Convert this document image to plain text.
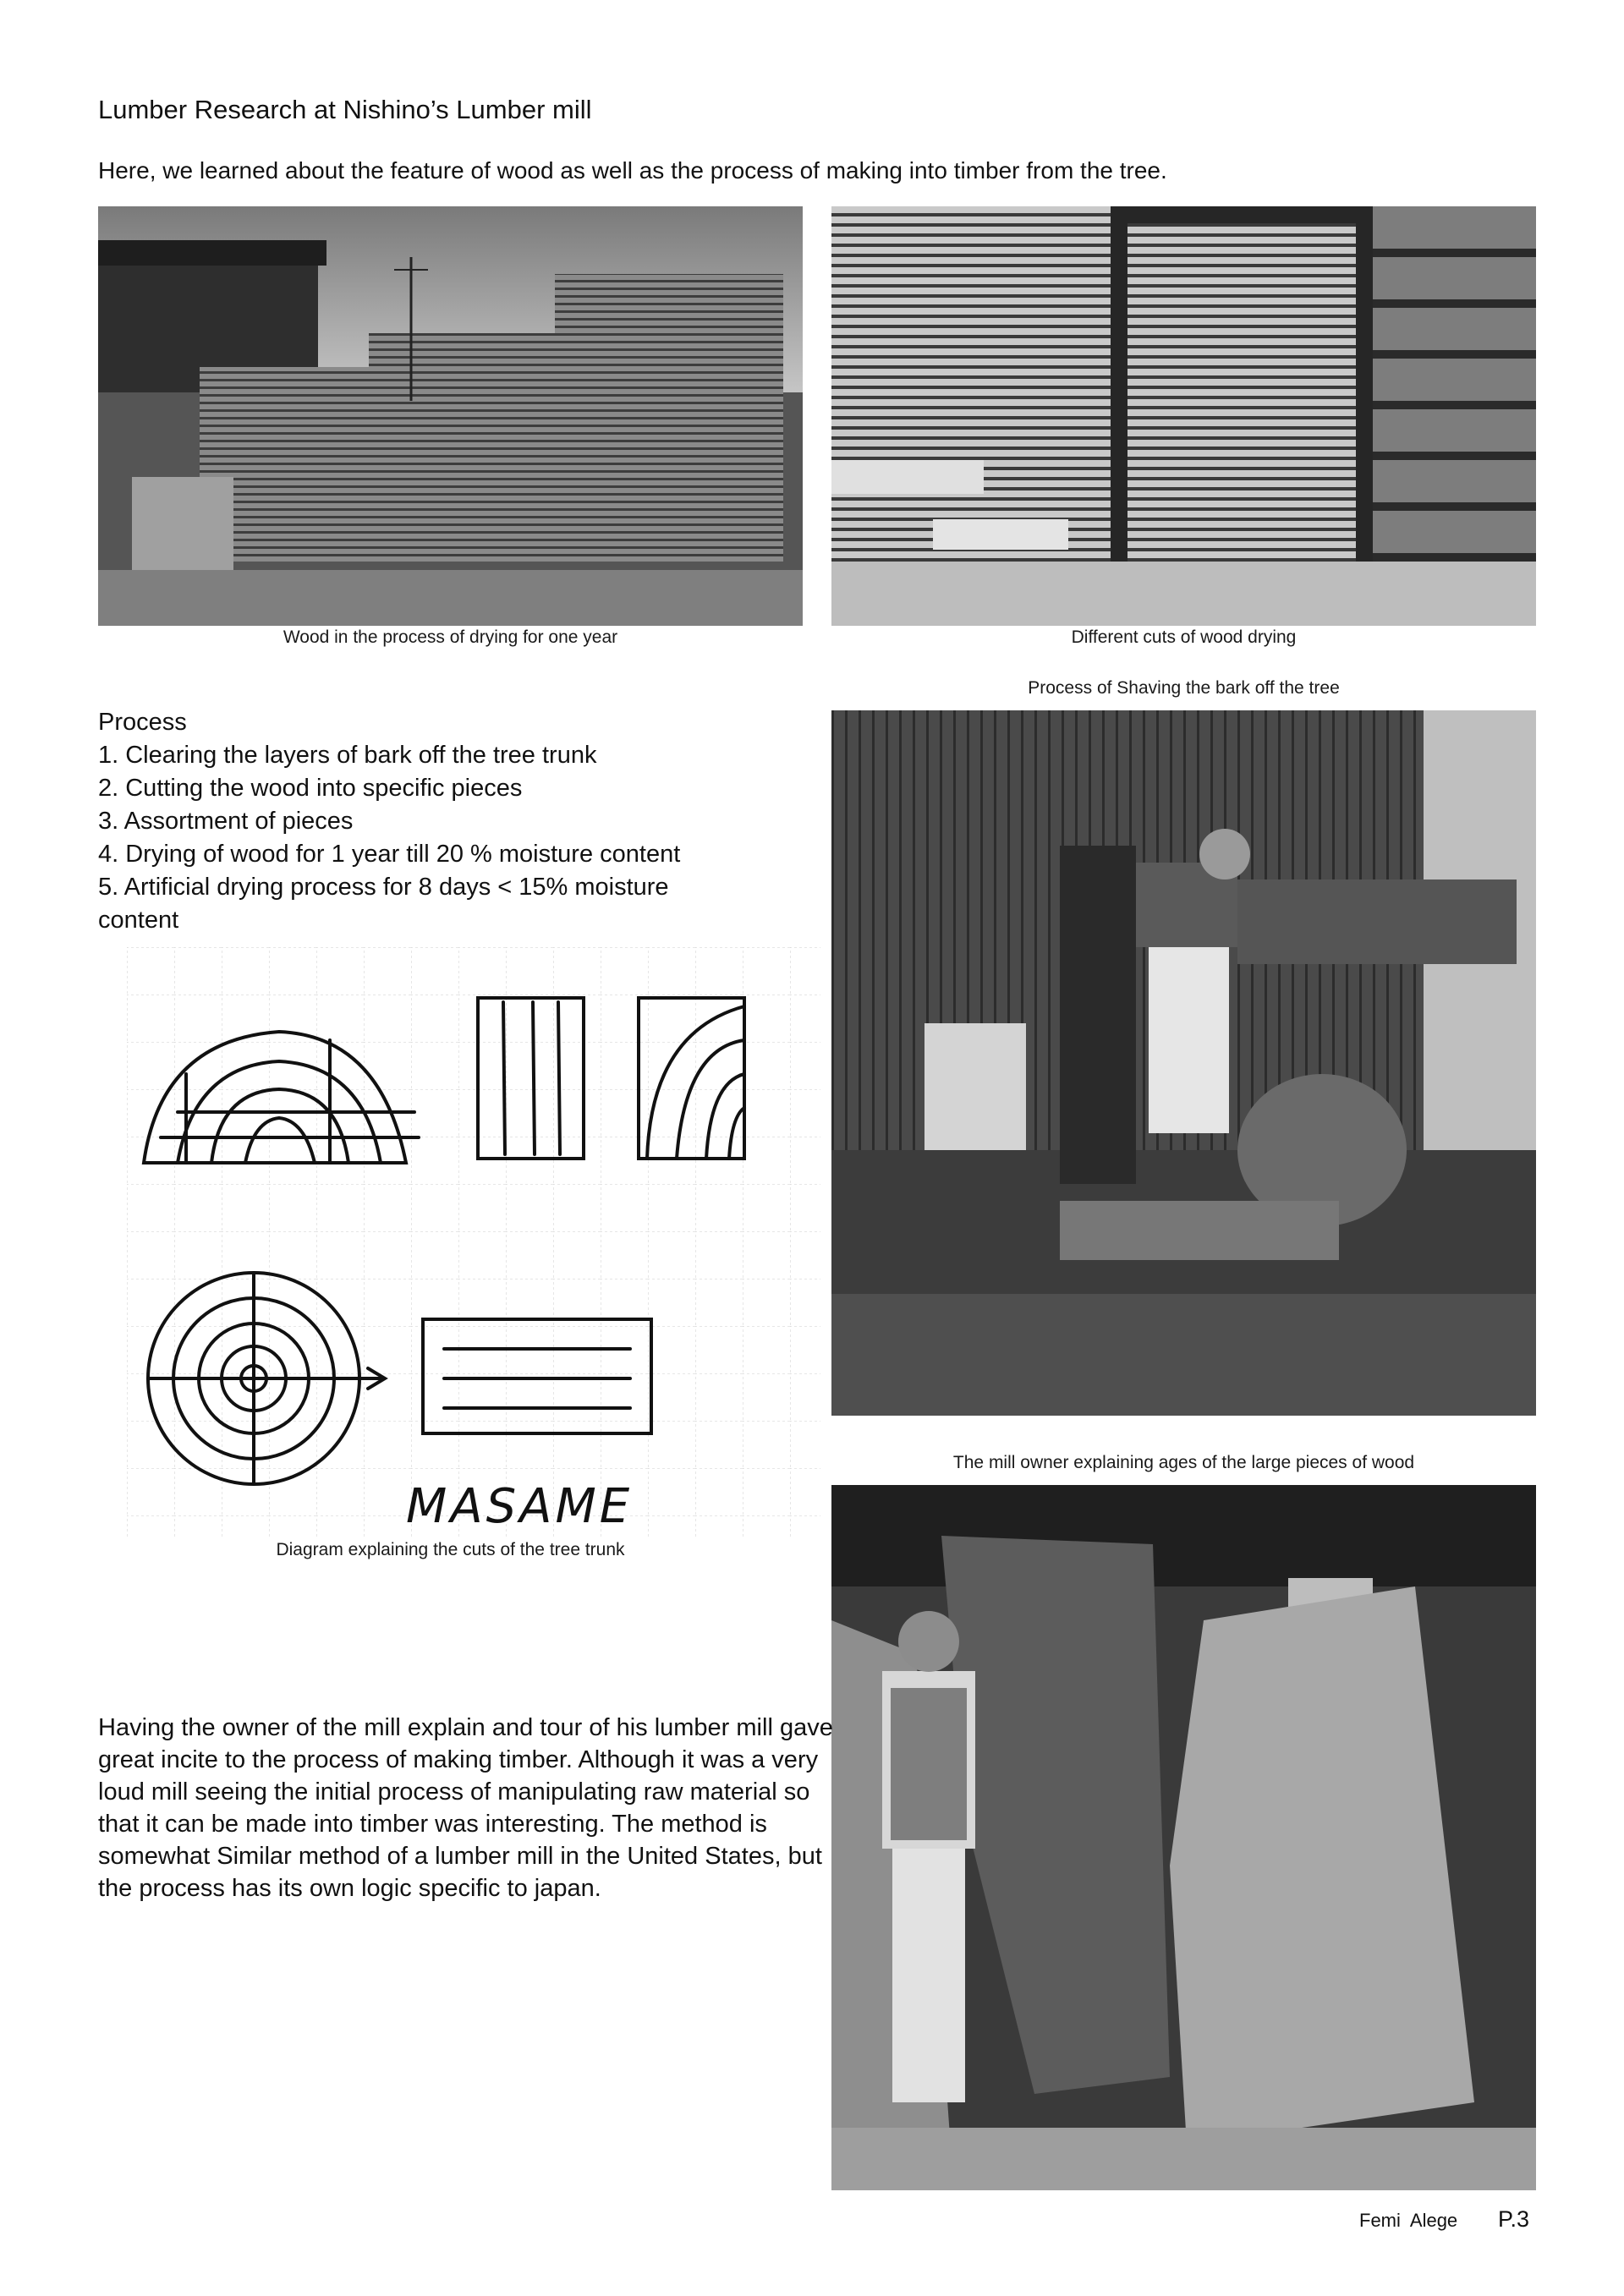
Lumber Research at Nishino’s Lumber mill
Here, we learned about the feature of wood as well as the process of making into timber from the tree.
Wood in the process of drying for one year	Different cuts of wood drying
Process of Shaving the bark off the tree
The mill owner explaining ages of the large pieces of wood
Process
1. Clearing the layers of bark off the tree trunk
2. Cutting the wood into specific pieces
3. Assortment of pieces
4. Drying of wood for 1 year till 20 % moisture content
5. Artificial drying process for 8 days < 15% moisture content
MASAME
Diagram explaining the cuts of the tree trunk
Having the owner of the mill explain and tour of his lumber mill gave great incite to the process of making timber. Although it was a very loud mill seeing the initial process of manipulating raw material so that it can be made into timber was interesting. The method is somewhat Similar method of a lumber mill in the United States, but the process has its own logic specific to japan.
Femi  Alege P.3
